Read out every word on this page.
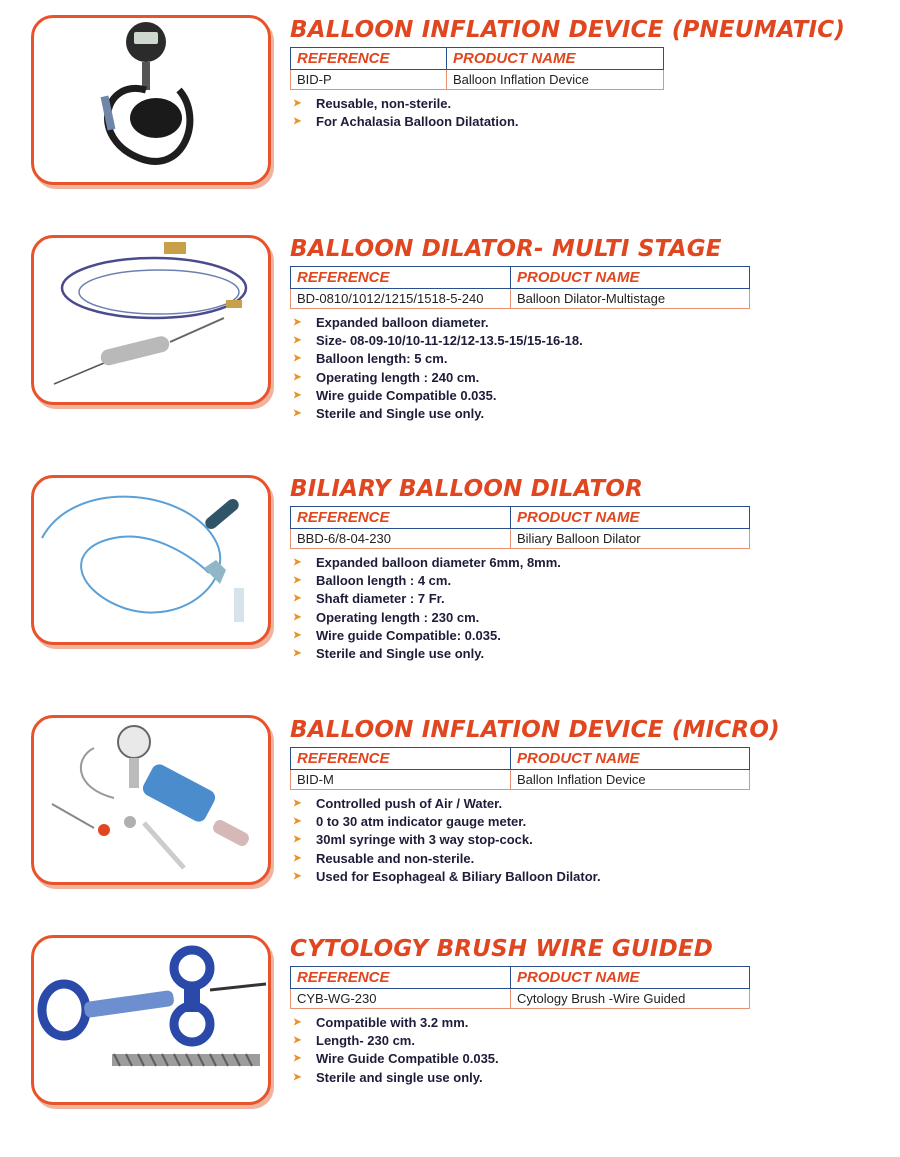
BALLOON INFLATION DEVICE (PNEUMATIC)
REFERENCE	PRODUCT NAME
BID-P	Balloon Inflation Device
➤ Reusable, non-sterile.
➤ For Achalasia Balloon Dilatation.
BALLOON DILATOR- MULTI STAGE
REFERENCE	PRODUCT NAME
BD-0810/1012/1215/1518-5-240	Balloon Dilator-Multistage
➤ Expanded balloon diameter.
➤ Size- 08-09-10/10-11-12/12-13.5-15/15-16-18.
➤ Balloon length: 5 cm.
➤ Operating length : 240 cm.
➤ Wire guide Compatible 0.035.
➤ Sterile and Single use only.
BILIARY BALLOON DILATOR
REFERENCE	PRODUCT NAME
BBD-6/8-04-230	Biliary Balloon Dilator
➤ Expanded balloon diameter 6mm, 8mm.
➤ Balloon length : 4 cm.
➤ Shaft diameter : 7 Fr.
➤ Operating length : 230 cm.
➤ Wire guide Compatible: 0.035.
➤ Sterile and Single use only.
BALLOON INFLATION DEVICE (MICRO)
REFERENCE	PRODUCT NAME
BID-M	Ballon Inflation Device
➤ Controlled push of Air / Water.
➤ 0 to 30 atm indicator gauge meter.
➤ 30ml syringe with 3 way stop-cock.
➤ Reusable and non-sterile.
➤ Used for Esophageal & Biliary Balloon Dilator.
CYTOLOGY BRUSH WIRE GUIDED
REFERENCE	PRODUCT NAME
CYB-WG-230	Cytology Brush -Wire Guided
➤ Compatible with 3.2 mm.
➤ Length- 230 cm.
➤ Wire Guide Compatible 0.035.
➤ Sterile and single use only.
